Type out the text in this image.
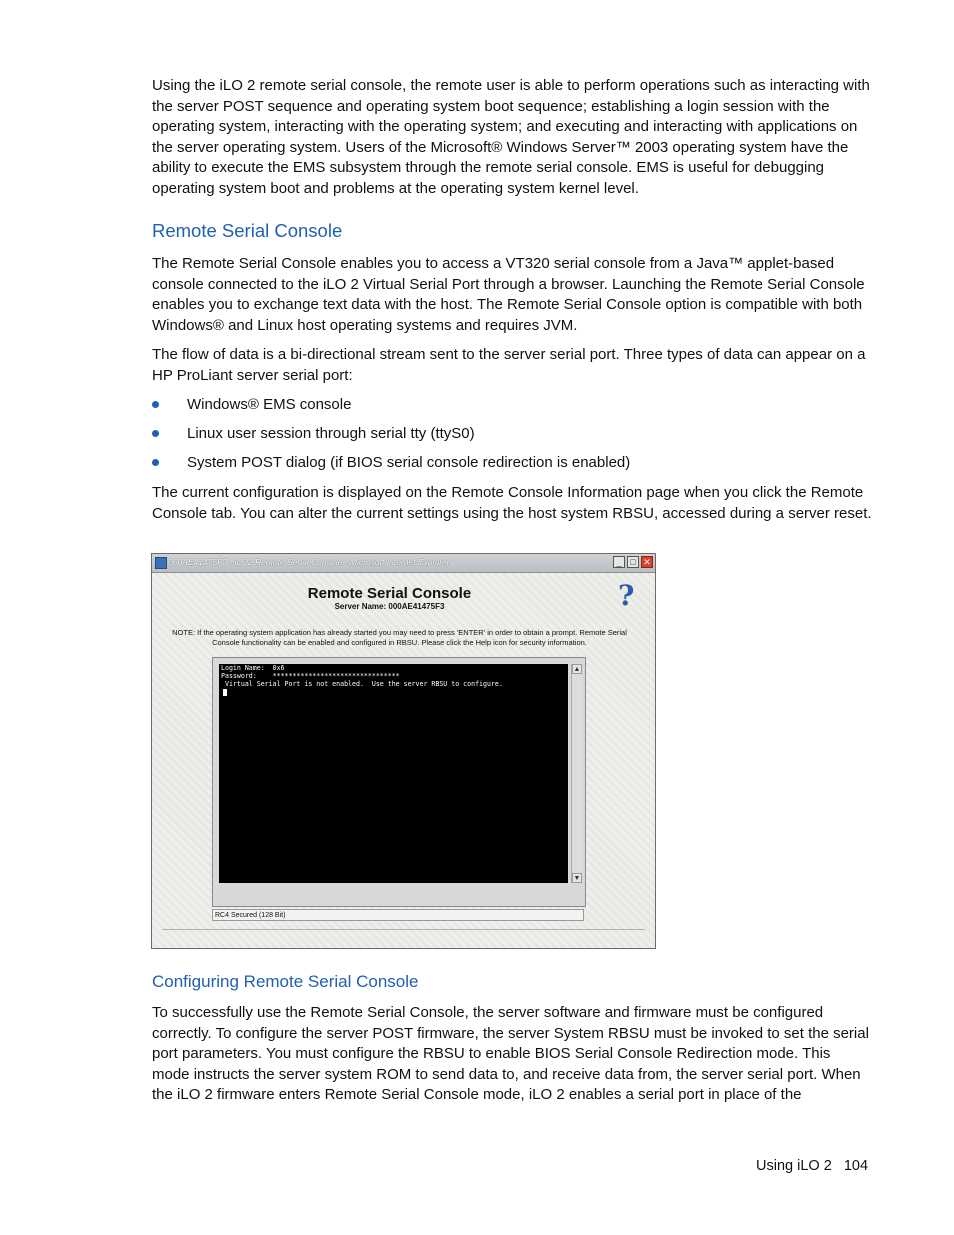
Using the iLO 2 remote serial console, the remote user is able to perform operations such as interacting with the server POST sequence and operating system boot sequence; establishing a login session with the operating system, interacting with the operating system; and executing and interacting with applications on the server operating system. Users of the Microsoft® Windows Server™ 2003 operating system have the ability to execute the EMS subsystem through the remote serial console. EMS is useful for debugging operating system boot and problems at the operating system kernel level.

Remote Serial Console

The Remote Serial Console enables you to access a VT320 serial console from a Java™ applet-based console connected to the iLO 2 Virtual Serial Port through a browser. Launching the Remote Serial Console enables you to exchange text data with the host. The Remote Serial Console option is compatible with both Windows® and Linux host operating systems and requires JVM.

The flow of data is a bi-directional stream sent to the server serial port. Three types of data can appear on a HP ProLiant server serial port:

Windows® EMS console
Linux user session through serial tty (ttyS0)
System POST dialog (if BIOS serial console redirection is enabled)

The current configuration is displayed on the Remote Console Information page when you click the Remote Console tab. You can alter the current settings using the host system RBSU, accessed during a server reset.

000AE41475F3 - iLO2 Remote Serial Console - Microsoft Internet Explorer	_ □ ✕
Remote Serial Console
Server Name: 000AE41475F3	?
NOTE: If the operating system application has already started you may need to press 'ENTER' in order to obtain a prompt. Remote Serial Console functionality can be enabled and configured in RBSU. Please click the Help icon for security information.
Login Name:  0x6
Password:    ********************************
Virtual Serial Port is not enabled.  Use the server RBSU to configure.
▲
▼
RC4 Secured (128 Bit)
Configuring Remote Serial Console

To successfully use the Remote Serial Console, the server software and firmware must be configured correctly. To configure the server POST firmware, the server System RBSU must be invoked to set the serial port parameters. You must configure the RBSU to enable BIOS Serial Console Redirection mode. This mode instructs the server system ROM to send data to, and receive data from, the server serial port. When the iLO 2 firmware enters Remote Serial Console mode, iLO 2 enables a serial port in place of the

Using iLO 2 104
